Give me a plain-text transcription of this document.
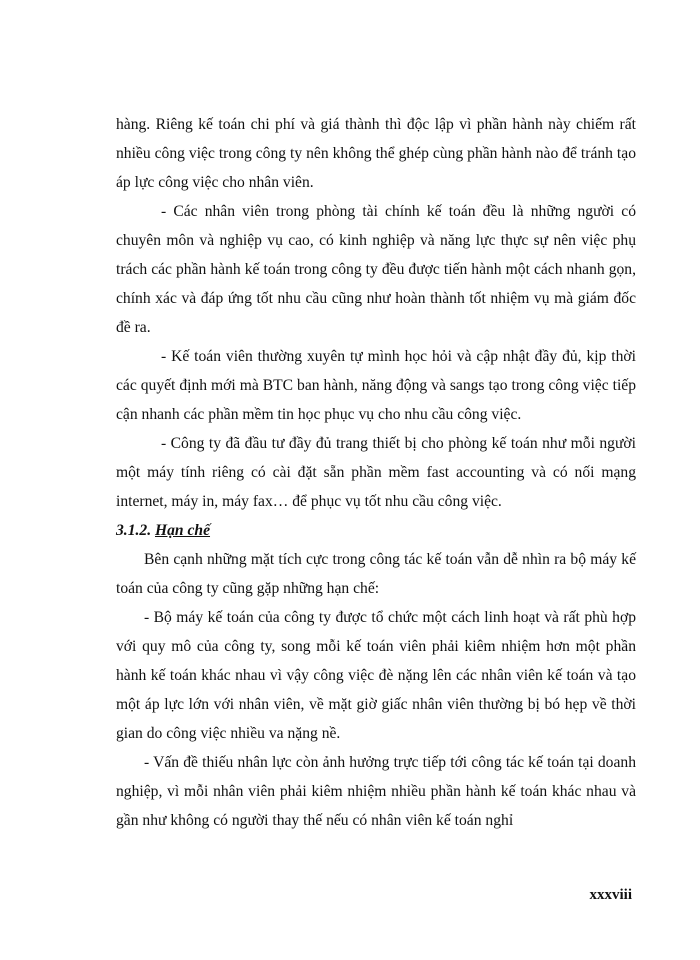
hàng. Riêng kế toán chi phí và giá thành thì độc lập vì phần hành này chiếm rất nhiều công việc trong công ty nên không thể ghép cùng phần hành nào để tránh tạo áp lực công việc cho nhân viên.

- Các nhân viên trong phòng tài chính kế toán đều là những người có chuyên môn và nghiệp vụ cao, có kinh nghiệp và năng lực thực sự nên việc phụ trách các phần hành kế toán trong công ty đều được tiến hành một cách nhanh gọn, chính xác và đáp ứng tốt nhu cầu cũng như hoàn thành tốt nhiệm vụ mà giám đốc đề ra.

- Kế toán viên thường xuyên tự mình học hỏi và cập nhật đầy đủ, kịp thời các quyết định mới mà BTC ban hành, năng động và sangs tạo trong công việc tiếp cận nhanh các phần mềm tin học phục vụ cho nhu cầu công việc.

- Công ty đã đầu tư đầy đủ trang thiết bị cho phòng kế toán như mỗi người một máy tính riêng có cài đặt sẵn phần mềm fast accounting và có nối mạng internet, máy in, máy fax… để phục vụ tốt nhu cầu công việc.

3.1.2. Hạn chế

Bên cạnh những mặt tích cực trong công tác kế toán vẫn dễ nhìn ra bộ máy kế toán của công ty cũng gặp những hạn chế:

- Bộ máy kế toán của công ty được tổ chức một cách linh hoạt và rất phù hợp với quy mô của công ty, song mỗi kế toán viên phải kiêm nhiệm hơn một phần hành kế toán khác nhau vì vậy công việc đè nặng lên các nhân viên kế toán và tạo một áp lực lớn với nhân viên, về mặt giờ giấc nhân viên thường bị bó hẹp về thời gian do công việc nhiều va nặng nề.

- Vấn đề thiếu nhân lực còn ảnh hưởng trực tiếp tới công tác kế toán tại doanh nghiệp, vì mỗi nhân viên phải kiêm nhiệm nhiều phần hành kế toán khác nhau và gần như không có người thay thế nếu có nhân viên kế toán nghỉ

xxxviii
